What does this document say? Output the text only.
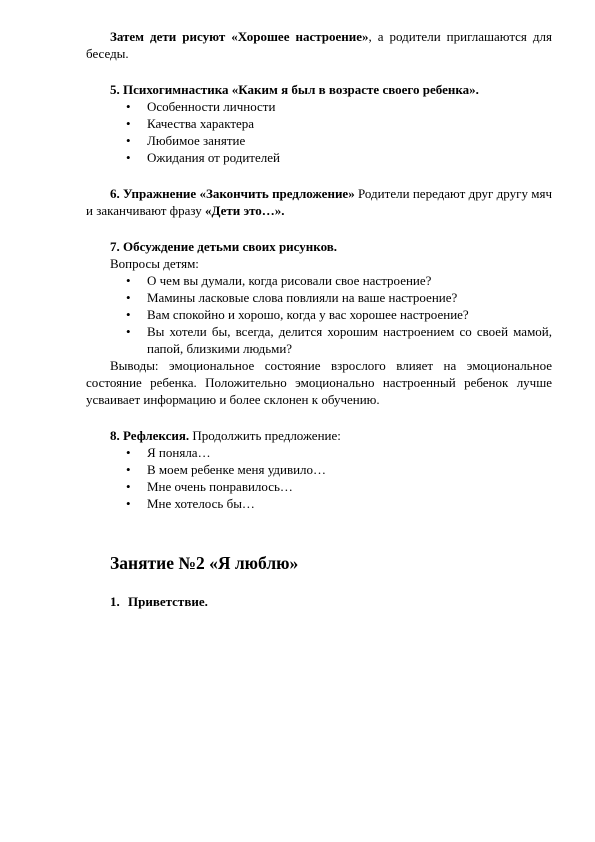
Затем дети рисуют «Хорошее настроение», а родители приглашаются для беседы.

5. Психогимнастика «Каким я был в возрасте своего ребенка».

• Особенности личности
• Качества характера
• Любимое занятие
• Ожидания от родителей

6. Упражнение «Закончить предложение» Родители передают друг другу мяч и заканчивают фразу «Дети это…».

7. Обсуждение детьми своих рисунков.

Вопросы детям:

• О чем вы думали, когда рисовали свое настроение?
• Мамины ласковые слова повлияли на ваше настроение?
• Вам спокойно и хорошо, когда у вас хорошее настроение?
• Вы хотели бы, всегда, делится хорошим настроением со своей мамой, папой, близкими людьми?

Выводы: эмоциональное состояние взрослого влияет на эмоциональное состояние ребенка. Положительно эмоционально настроенный ребенок лучше усваивает информацию и более склонен к обучению.

8. Рефлексия. Продолжить предложение:

• Я поняла…
• В моем ребенке меня удивило…
• Мне очень понравилось…
• Мне хотелось бы…

Занятие №2 «Я люблю»

1. Приветствие.
